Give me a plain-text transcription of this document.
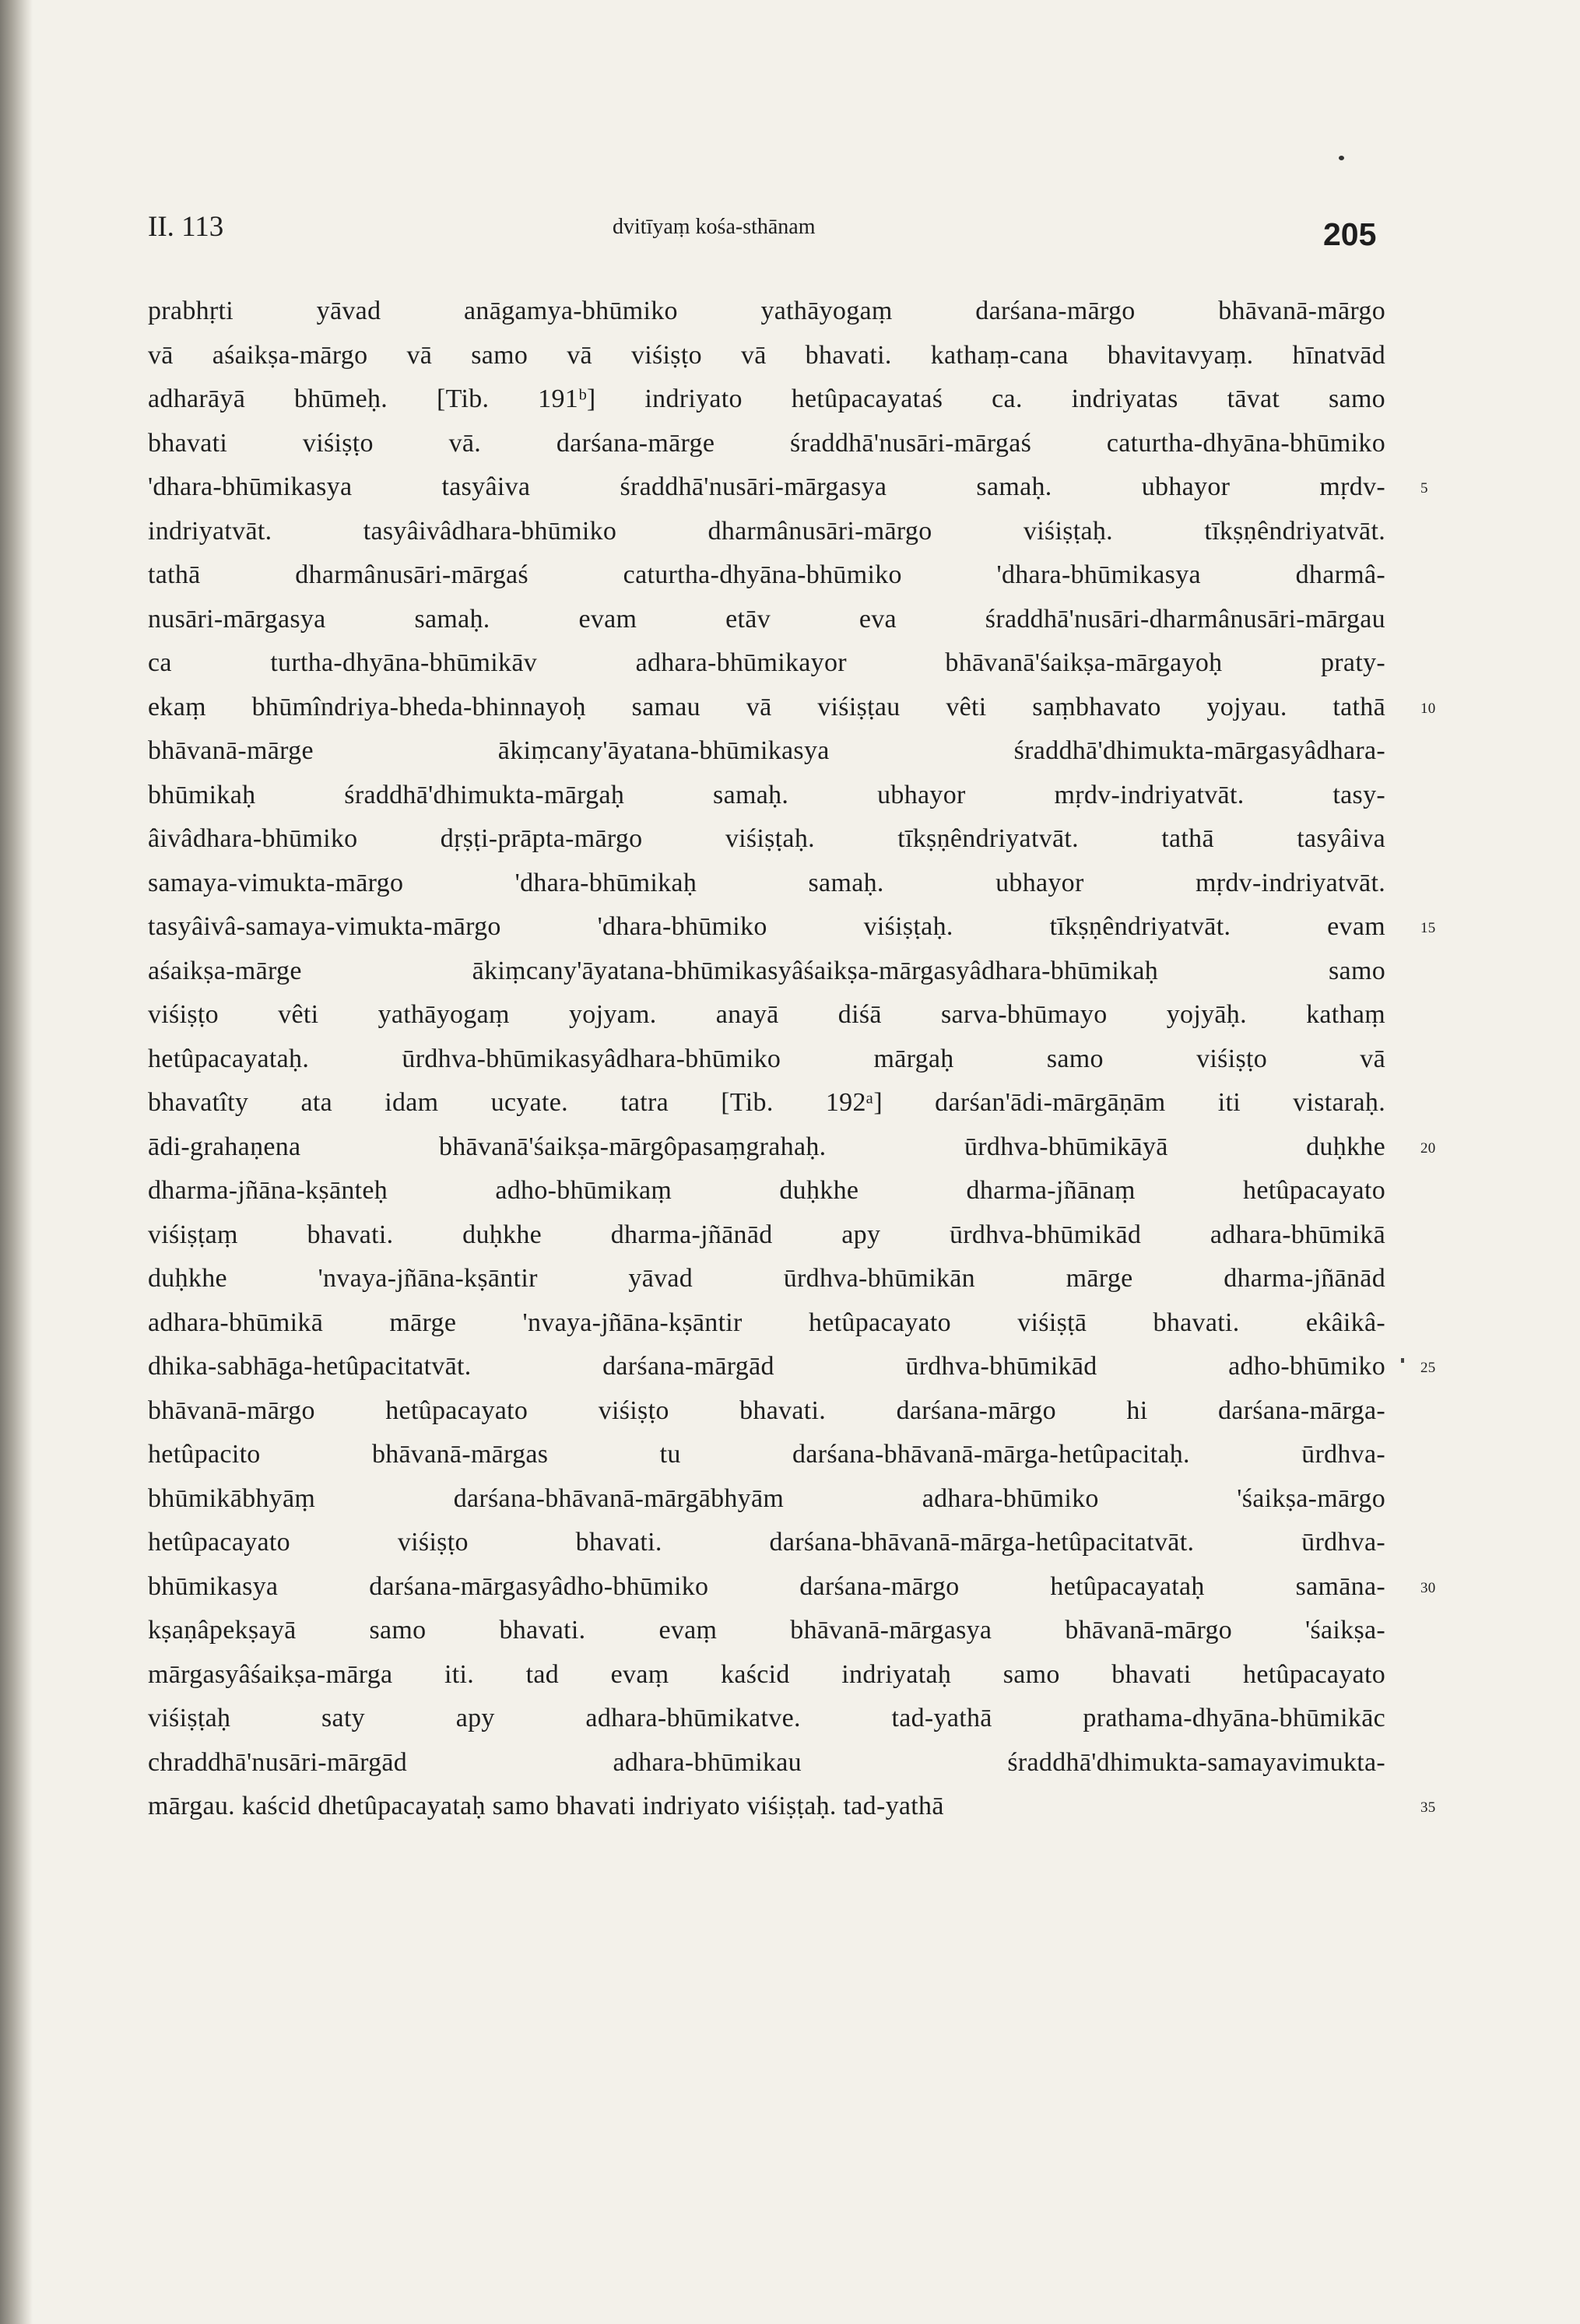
II. 113	dvitīyaṃ kośa-sthānam	205
prabhṛti yāvad anāgamya-bhūmiko yathāyogaṃ darśana-mārgo bhāvanā-mārgo
vā aśaikṣa-mārgo vā samo vā viśiṣṭo vā bhavati. kathaṃ-cana bhavitavyaṃ. hīnatvād
adharāyā bhūmeḥ. [Tib. 191ᵇ] indriyato hetûpacayataś ca. indriyatas tāvat samo
bhavati viśiṣṭo vā. darśana-mārge śraddhā'nusāri-mārgaś caturtha-dhyāna-bhūmiko
'dhara-bhūmikasya tasyâiva śraddhā'nusāri-mārgasya samaḥ. ubhayor mṛdv- 5
indriyatvāt. tasyâivâdhara-bhūmiko dharmânusāri-mārgo viśiṣṭaḥ. tīkṣṇêndriyatvāt.
tathā dharmânusāri-mārgaś caturtha-dhyāna-bhūmiko 'dhara-bhūmikasya dharmâ-
nusāri-mārgasya samaḥ. evam etāv eva śraddhā'nusāri-dharmânusāri-mārgau
ca turtha-dhyāna-bhūmikāv adhara-bhūmikayor bhāvanā'śaikṣa-mārgayoḥ praty-
ekaṃ bhūmîndriya-bheda-bhinnayoḥ samau vā viśiṣṭau vêti saṃbhavato yojyau. tathā 10
bhāvanā-mārge ākiṃcany'āyatana-bhūmikasya śraddhā'dhimukta-mārgasyâdhara-
bhūmikaḥ śraddhā'dhimukta-mārgaḥ samaḥ. ubhayor mṛdv-indriyatvāt. tasy-
âivâdhara-bhūmiko dṛṣṭi-prāpta-mārgo viśiṣṭaḥ. tīkṣṇêndriyatvāt. tathā tasyâiva
samaya-vimukta-mārgo 'dhara-bhūmikaḥ samaḥ. ubhayor mṛdv-indriyatvāt.
tasyâivâ-samaya-vimukta-mārgo 'dhara-bhūmiko viśiṣṭaḥ. tīkṣṇêndriyatvāt. evam 15
aśaikṣa-mārge ākiṃcany'āyatana-bhūmikasyâśaikṣa-mārgasyâdhara-bhūmikaḥ samo
viśiṣṭo vêti yathāyogaṃ yojyam. anayā diśā sarva-bhūmayo yojyāḥ. kathaṃ
hetûpacayataḥ. ūrdhva-bhūmikasyâdhara-bhūmiko mārgaḥ samo viśiṣṭo vā
bhavatîty ata idam ucyate. tatra [Tib. 192ᵃ] darśan'ādi-mārgāṇām iti vistaraḥ.
ādi-grahaṇena bhāvanā'śaikṣa-mārgôpasaṃgrahaḥ. ūrdhva-bhūmikāyā duḥkhe 20
dharma-jñāna-kṣānteḥ adho-bhūmikaṃ duḥkhe dharma-jñānaṃ hetûpacayato
viśiṣṭaṃ bhavati. duḥkhe dharma-jñānād apy ūrdhva-bhūmikād adhara-bhūmikā
duḥkhe 'nvaya-jñāna-kṣāntir yāvad ūrdhva-bhūmikān mārge dharma-jñānād
adhara-bhūmikā mārge 'nvaya-jñāna-kṣāntir hetûpacayato viśiṣṭā bhavati. ekâikâ-
dhika-sabhāga-hetûpacitatvāt. darśana-mārgād ūrdhva-bhūmikād adho-bhūmiko 25
bhāvanā-mārgo hetûpacayato viśiṣṭo bhavati. darśana-mārgo hi darśana-mārga-
hetûpacito bhāvanā-mārgas tu darśana-bhāvanā-mārga-hetûpacitaḥ. ūrdhva-
bhūmikābhyāṃ darśana-bhāvanā-mārgābhyām adhara-bhūmiko 'śaikṣa-mārgo
hetûpacayato viśiṣṭo bhavati. darśana-bhāvanā-mārga-hetûpacitatvāt. ūrdhva-
bhūmikasya darśana-mārgasyâdho-bhūmiko darśana-mārgo hetûpacayataḥ samāna- 30
kṣaṇâpekṣayā samo bhavati. evaṃ bhāvanā-mārgasya bhāvanā-mārgo 'śaikṣa-
mārgasyâśaikṣa-mārga iti. tad evaṃ kaścid indriyataḥ samo bhavati hetûpacayato
viśiṣṭaḥ saty apy adhara-bhūmikatve. tad-yathā prathama-dhyāna-bhūmikāc
chraddhā'nusāri-mārgād adhara-bhūmikau śraddhā'dhimukta-samayavimukta-
mārgau. kaścid dhetûpacayataḥ samo bhavati indriyato viśiṣṭaḥ. tad-yathā	35
